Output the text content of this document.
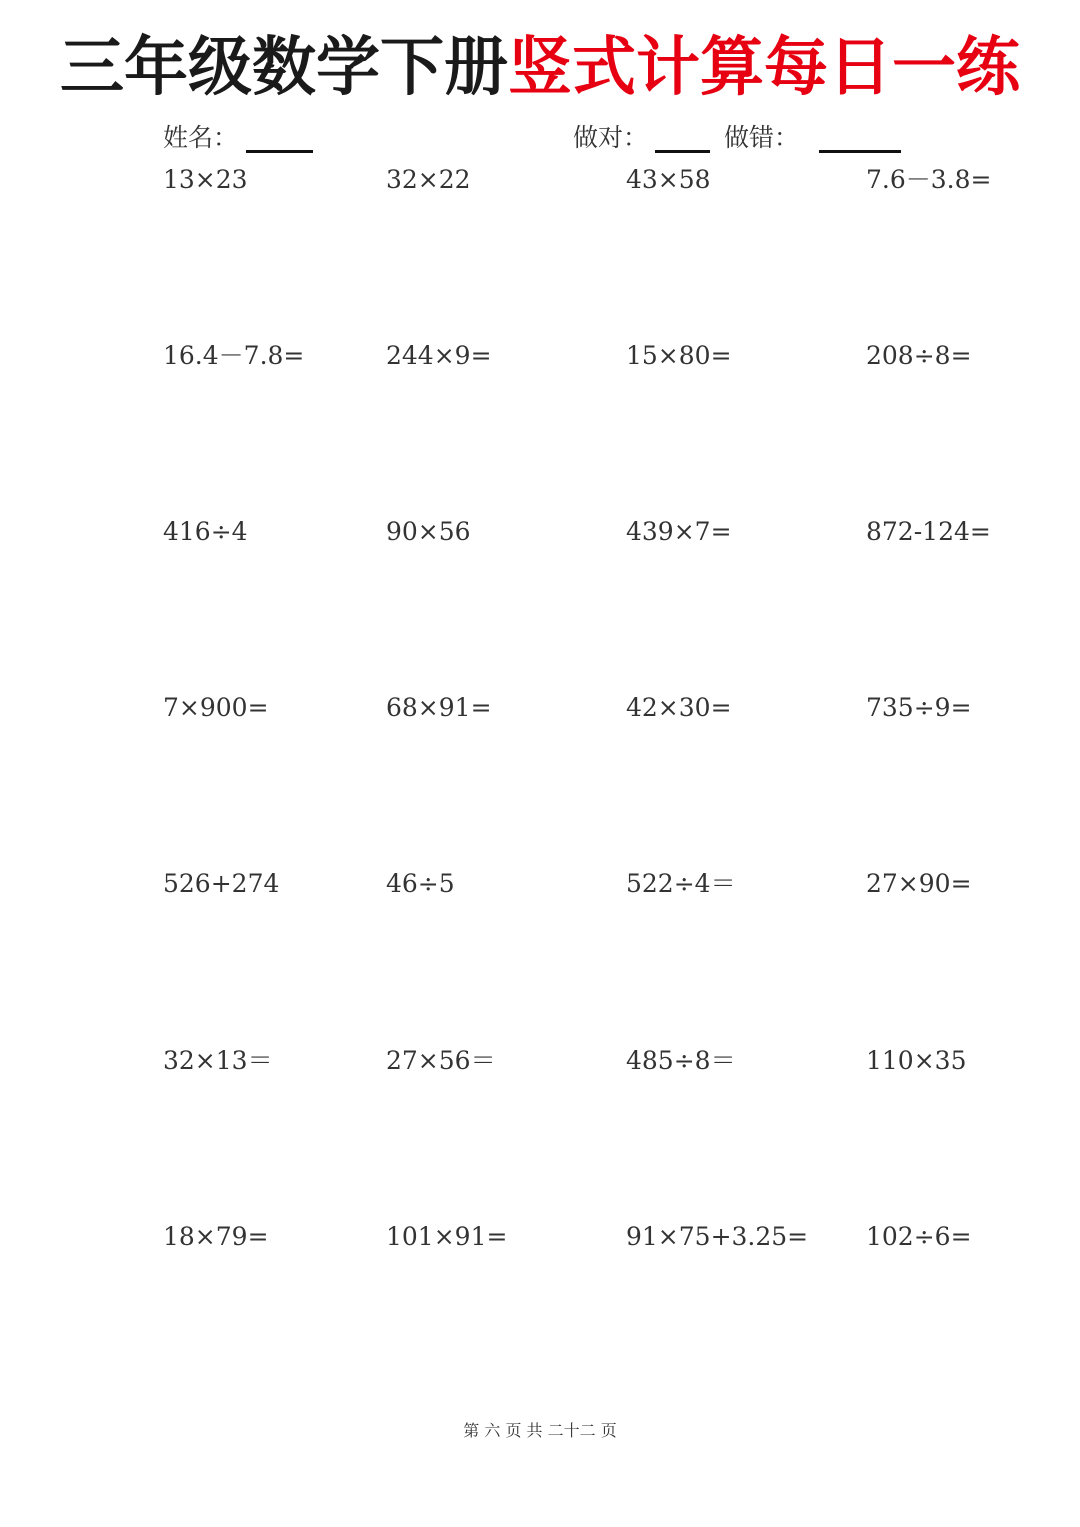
三年级数学下册竖式计算每日一练
姓名：	做对：	做错：
13×23	32×22	43×58	7.6－3.8=
16.4－7.8=	244×9=	15×80=	208÷8=
416÷4	90×56	439×7=	872-124=
7×900=	68×91=	42×30=	735÷9=
526+274	46÷5	522÷4＝	27×90=
32×13＝	27×56＝	485÷8＝	110×35
18×79=	101×91=	91×75+3.25= 102÷6=
第 六 页 共 二十二 页
